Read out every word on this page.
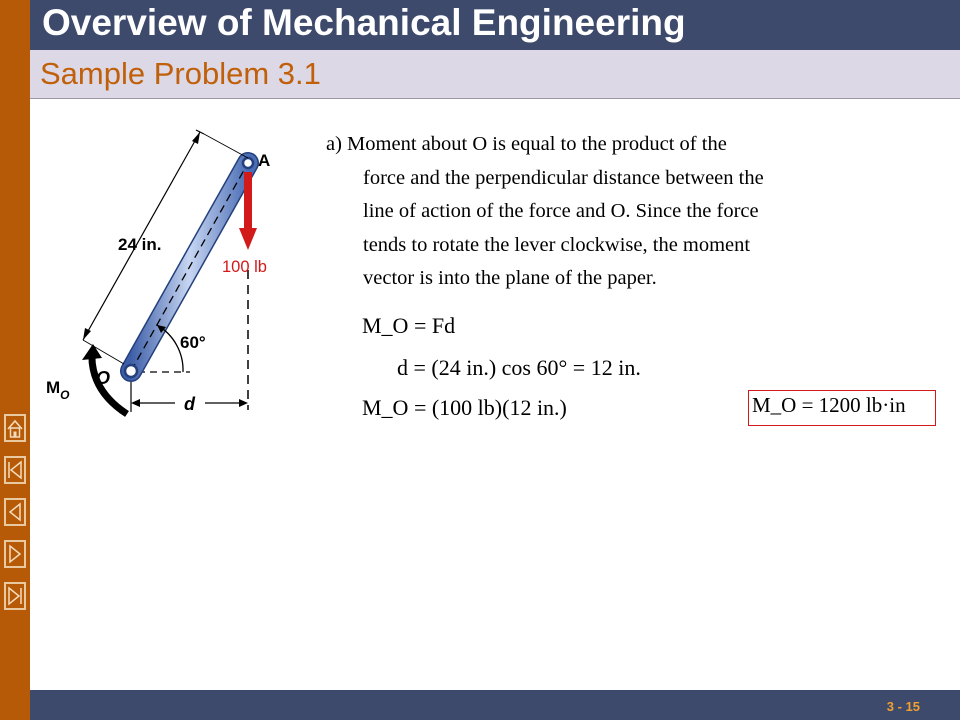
Overview of Mechanical Engineering
Sample Problem 3.1
A
100 lb
24 in.
60°
O
d
$M_O$
a) Moment about O is equal to the product of the
force and the perpendicular distance between the
line of action of the force and O. Since the force
tends to rotate the lever clockwise, the moment
vector is into the plane of the paper.
M_O = Fd
d = (24 in.) cos 60° = 12 in.
M_O = (100 lb)(12 in.)	M_O = 1200 lb·in
3 - 15
